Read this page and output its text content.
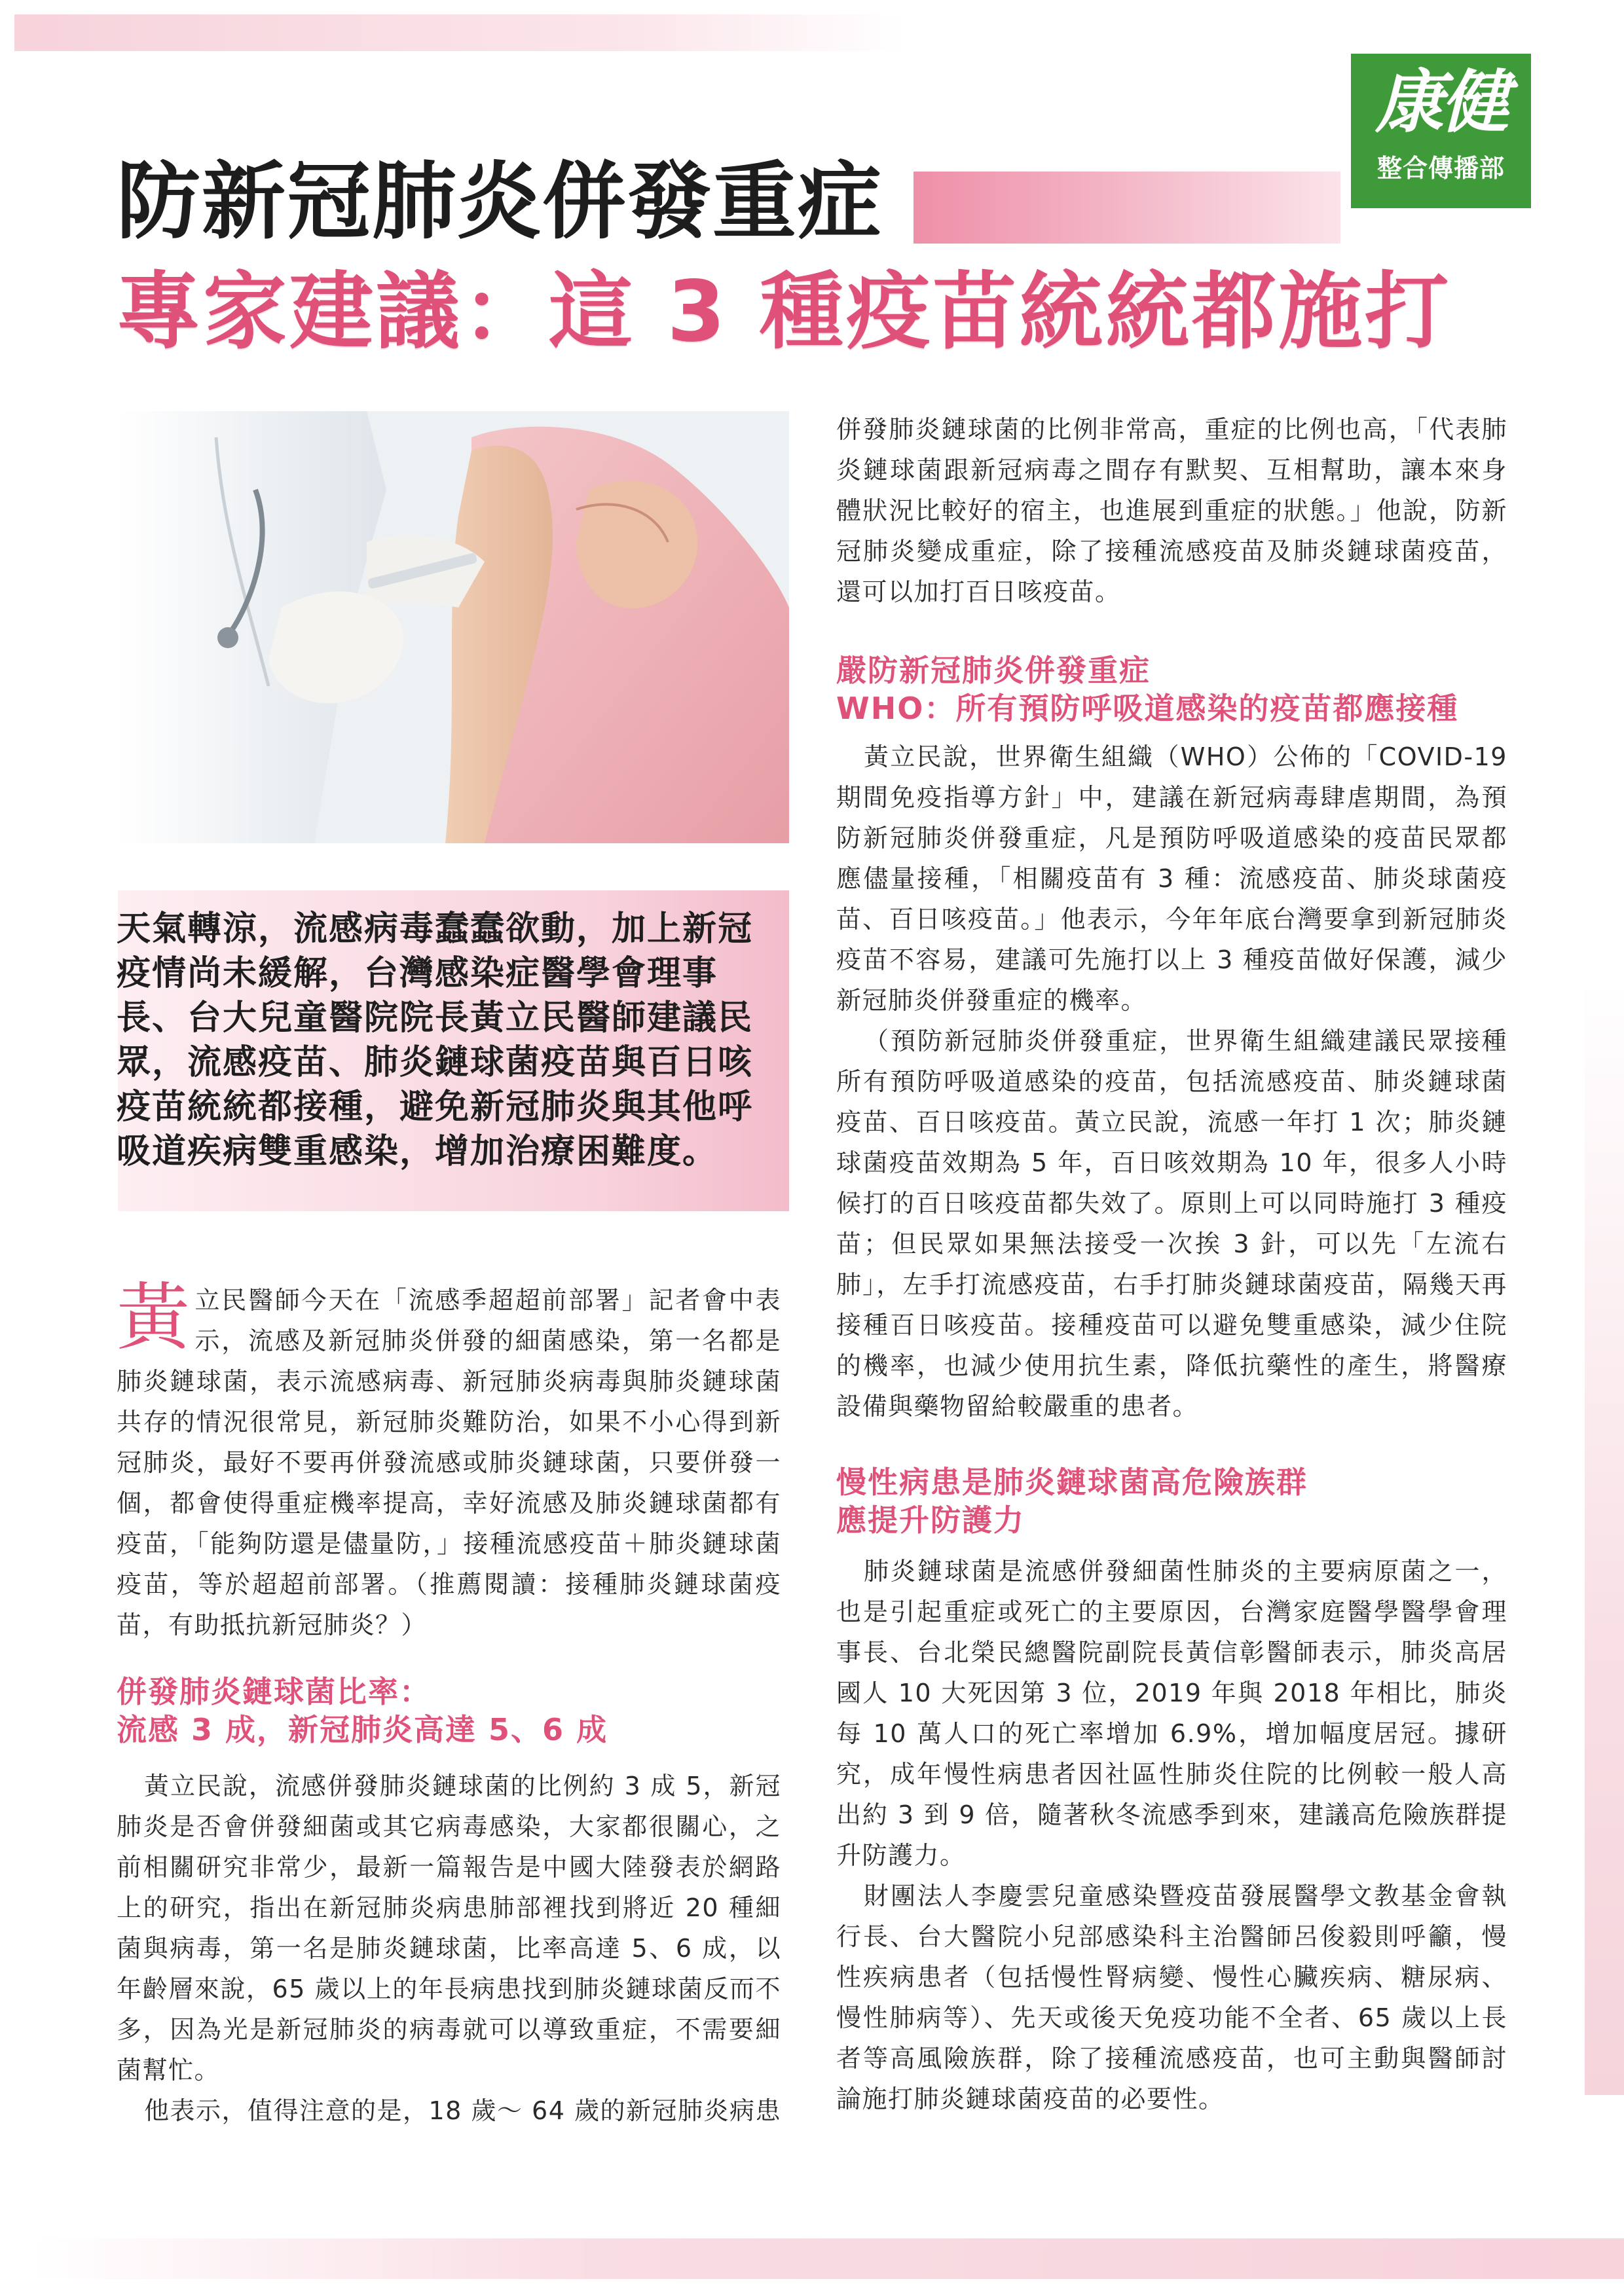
康健
整合傳播部
防新冠肺炎併發重症
專家建議：這 3 種疫苗統統都施打
天氣轉涼，流感病毒蠢蠢欲動，加上新冠疫情尚未緩解，台灣感染症醫學會理事長、台大兒童醫院院長黃立民醫師建議民眾，流感疫苗、肺炎鏈球菌疫苗與百日咳疫苗統統都接種，避免新冠肺炎與其他呼吸道疾病雙重感染，增加治療困難度。

黃立民醫師今天在「流感季超超前部署」記者會中表示，流感及新冠肺炎併發的細菌感染，第一名都是肺炎鏈球菌，表示流感病毒、新冠肺炎病毒與肺炎鏈球菌共存的情況很常見，新冠肺炎難防治，如果不小心得到新冠肺炎，最好不要再併發流感或肺炎鏈球菌，只要併發一個，都會使得重症機率提高，幸好流感及肺炎鏈球菌都有疫苗，「能夠防還是儘量防，」接種流感疫苗＋肺炎鏈球菌疫苗，等於超超前部署。（推薦閱讀：接種肺炎鏈球菌疫苗，有助抵抗新冠肺炎？）

併發肺炎鏈球菌比率：
流感 3 成，新冠肺炎高達 5、6 成

黃立民說，流感併發肺炎鏈球菌的比例約 3 成 5，新冠肺炎是否會併發細菌或其它病毒感染，大家都很關心，之前相關研究非常少，最新一篇報告是中國大陸發表於網路上的研究，指出在新冠肺炎病患肺部裡找到將近 20 種細菌與病毒，第一名是肺炎鏈球菌，比率高達 5、6 成，以年齡層來說，65 歲以上的年長病患找到肺炎鏈球菌反而不多，因為光是新冠肺炎的病毒就可以導致重症，不需要細菌幫忙。

他表示，值得注意的是，18 歲～ 64 歲的新冠肺炎病患

併發肺炎鏈球菌的比例非常高，重症的比例也高，「代表肺炎鏈球菌跟新冠病毒之間存有默契、互相幫助，讓本來身體狀況比較好的宿主，也進展到重症的狀態。」他說，防新冠肺炎變成重症，除了接種流感疫苗及肺炎鏈球菌疫苗，還可以加打百日咳疫苗。

嚴防新冠肺炎併發重症
WHO：所有預防呼吸道感染的疫苗都應接種

黃立民說，世界衛生組織（WHO）公佈的「COVID-19 期間免疫指導方針」中，建議在新冠病毒肆虐期間，為預防新冠肺炎併發重症，凡是預防呼吸道感染的疫苗民眾都應儘量接種，「相關疫苗有 3 種：流感疫苗、肺炎球菌疫苗、百日咳疫苗。」他表示，今年年底台灣要拿到新冠肺炎疫苗不容易，建議可先施打以上 3 種疫苗做好保護，減少新冠肺炎併發重症的機率。

（預防新冠肺炎併發重症，世界衛生組織建議民眾接種所有預防呼吸道感染的疫苗，包括流感疫苗、肺炎鏈球菌疫苗、百日咳疫苗。黃立民說，流感一年打 1 次；肺炎鏈球菌疫苗效期為 5 年，百日咳效期為 10 年，很多人小時候打的百日咳疫苗都失效了。原則上可以同時施打 3 種疫苗；但民眾如果無法接受一次挨 3 針，可以先「左流右肺」，左手打流感疫苗，右手打肺炎鏈球菌疫苗，隔幾天再接種百日咳疫苗。接種疫苗可以避免雙重感染，減少住院的機率，也減少使用抗生素，降低抗藥性的產生，將醫療設備與藥物留給較嚴重的患者。

慢性病患是肺炎鏈球菌高危險族群
應提升防護力

肺炎鏈球菌是流感併發細菌性肺炎的主要病原菌之一，也是引起重症或死亡的主要原因，台灣家庭醫學醫學會理事長、台北榮民總醫院副院長黃信彰醫師表示，肺炎高居國人 10 大死因第 3 位，2019 年與 2018 年相比，肺炎每 10 萬人口的死亡率增加 6.9%，增加幅度居冠。據研究，成年慢性病患者因社區性肺炎住院的比例較一般人高出約 3 到 9 倍，隨著秋冬流感季到來，建議高危險族群提升防護力。

財團法人李慶雲兒童感染暨疫苗發展醫學文教基金會執行長、台大醫院小兒部感染科主治醫師呂俊毅則呼籲，慢性疾病患者（包括慢性腎病變、慢性心臟疾病、糖尿病、慢性肺病等）、先天或後天免疫功能不全者、65 歲以上長者等高風險族群，除了接種流感疫苗，也可主動與醫師討論施打肺炎鏈球菌疫苗的必要性。
